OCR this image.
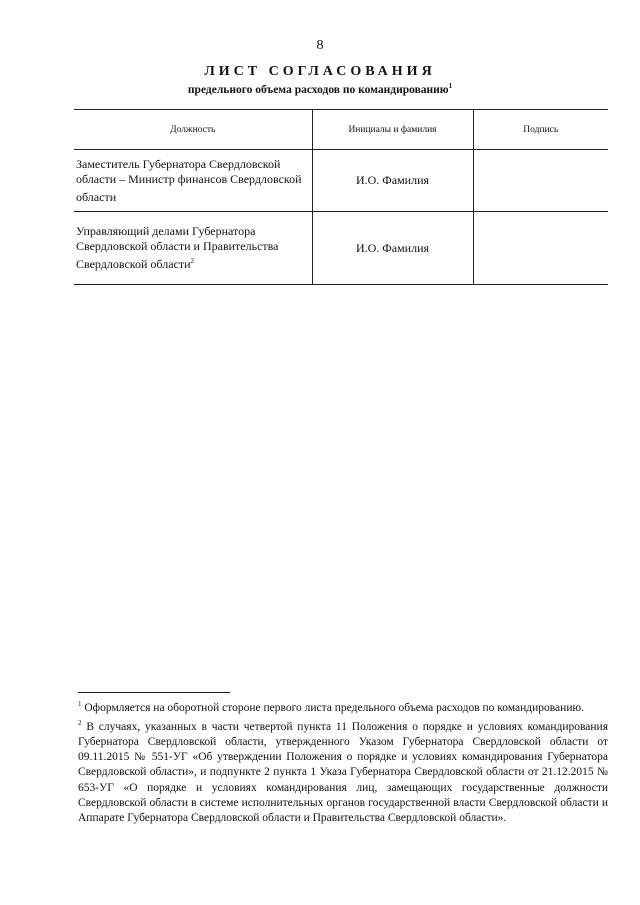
8
ЛИСТ СОГЛАСОВАНИЯ
предельного объема расходов по командированию$^1$
Должность	Инициалы и фамилия	Подпись
Заместитель Губернатора Свердловской области – Министр финансов Свердловской области	И.О. Фамилия	
Управляющий делами Губернатора Свердловской области и Правительства Свердловской области$^2$	И.О. Фамилия	

$^1$ Оформляется на оборотной стороне первого листа предельного объема расходов по командированию.

$^2$ В случаях, указанных в части четвертой пункта 11 Положения о порядке и условиях командирования Губернатора Свердловской области, утвержденного Указом Губернатора Свердловской области от 09.11.2015 № 551-УГ «Об утверждении Положения о порядке и условиях командирования Губернатора Свердловской области», и подпункте 2 пункта 1 Указа Губернатора Свердловской области от 21.12.2015 № 653-УГ «О порядке и условиях командирования лиц, замещающих государственные должности Свердловской области в системе исполнительных органов государственной власти Свердловской области и Аппарате Губернатора Свердловской области и Правительства Свердловской области».
